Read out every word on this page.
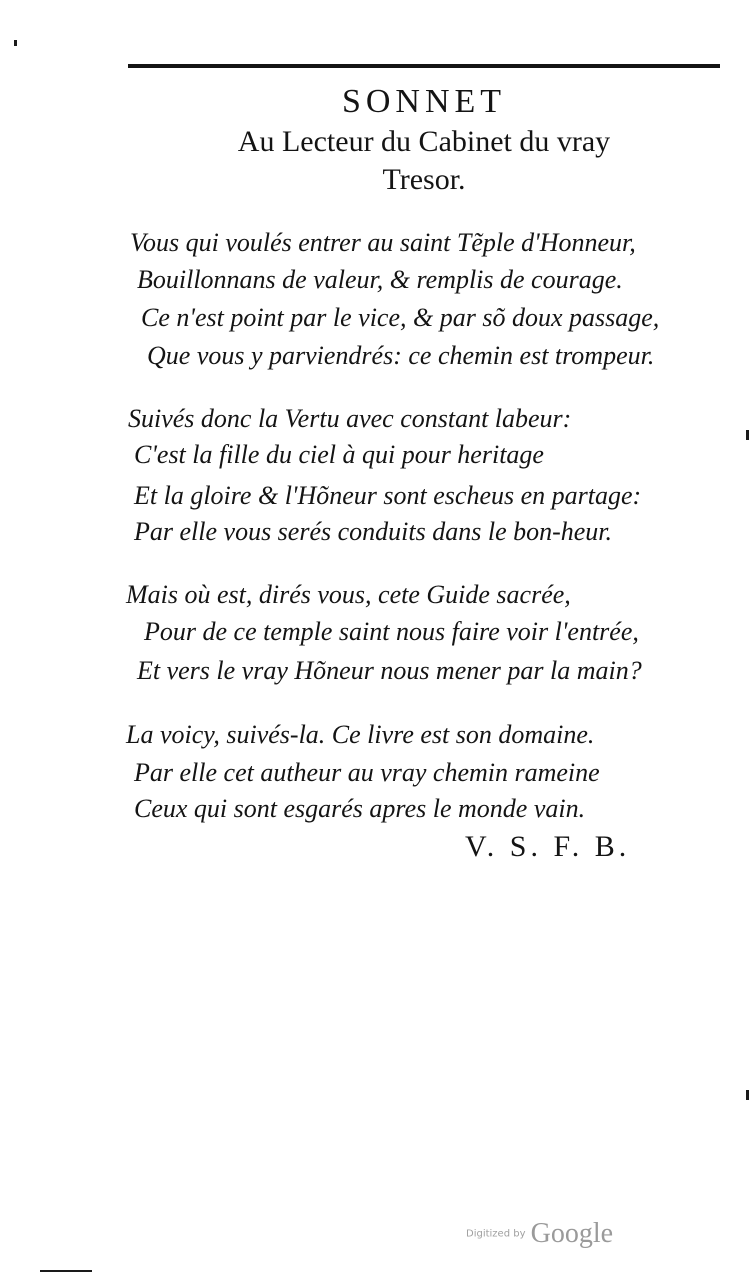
SONNET
Au Lecteur du Cabinet du vray
Tresor.
Vous qui voulés entrer au saint Tẽple d'Honneur,
Bouillonnans de valeur, & remplis de courage.
Ce n'est point par le vice, & par sõ doux passage,
Que vous y parviendrés: ce chemin est trompeur.
Suivés donc la Vertu avec constant labeur:
C'est la fille du ciel à qui pour heritage
Et la gloire & l'Hõneur sont escheus en partage:
Par elle vous serés conduits dans le bon-heur.
Mais où est, dirés vous, cete Guide sacrée,
Pour de ce temple saint nous faire voir l'entrée,
Et vers le vray Hõneur nous mener par la main?
La voicy, suivés-la. Ce livre est son domaine.
Par elle cet autheur au vray chemin rameine
Ceux qui sont esgarés apres le monde vain.
V. S. F. B.
Digitized by Google
